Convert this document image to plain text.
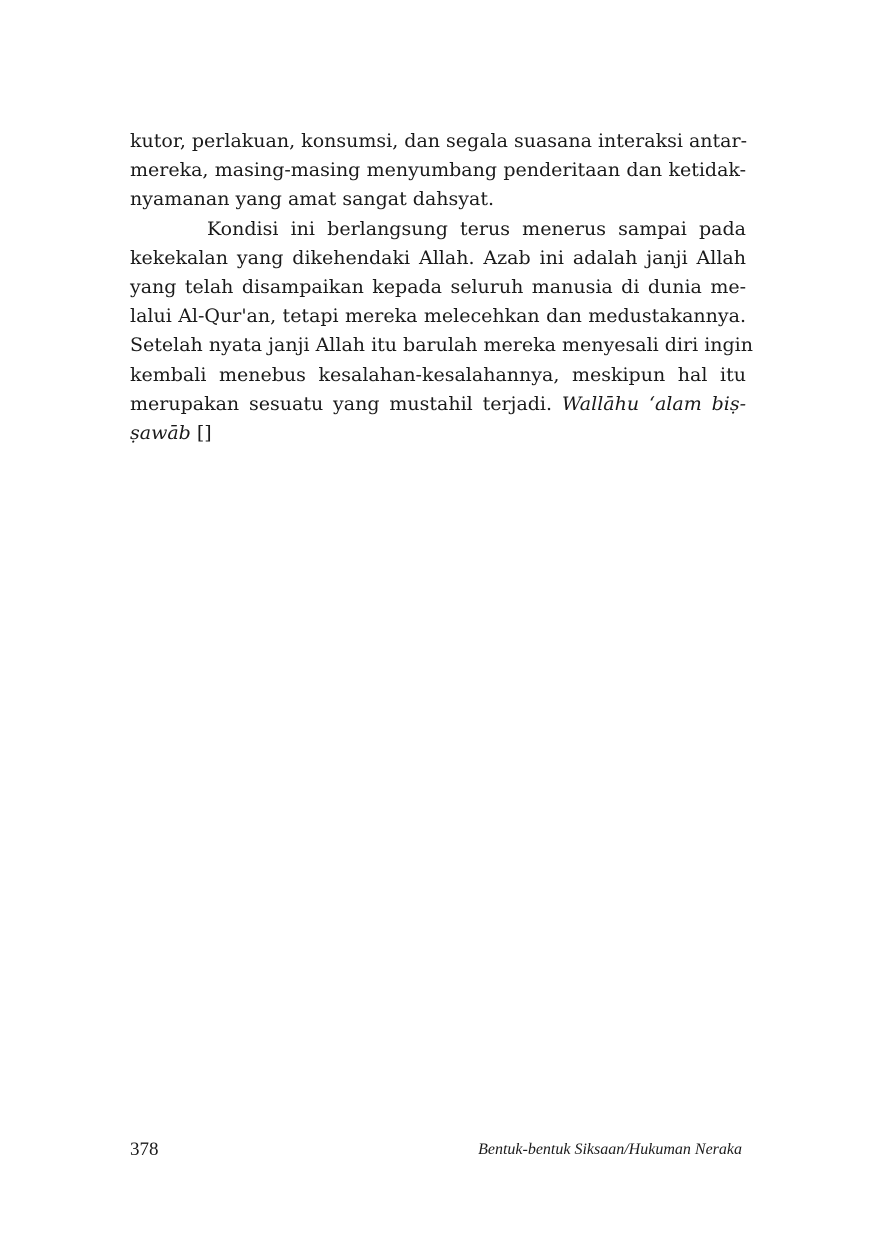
kutor, perlakuan, konsumsi, dan segala suasana interaksi antar-
mereka, masing-masing menyumbang penderitaan dan ketidak-
nyamanan yang amat sangat dahsyat.
Kondisi ini berlangsung terus menerus sampai pada
kekekalan yang dikehendaki Allah. Azab ini adalah janji Allah
yang telah disampaikan kepada seluruh manusia di dunia me-
lalui Al-Qur'an, tetapi mereka melecehkan dan medustakannya.
Setelah nyata janji Allah itu barulah mereka menyesali diri ingin
kembali menebus kesalahan-kesalahannya, meskipun hal itu
merupakan sesuatu yang mustahil terjadi. Wallāhu ‘alam biṣ-
ṣawāb []
378	Bentuk-bentuk Siksaan/Hukuman Neraka
